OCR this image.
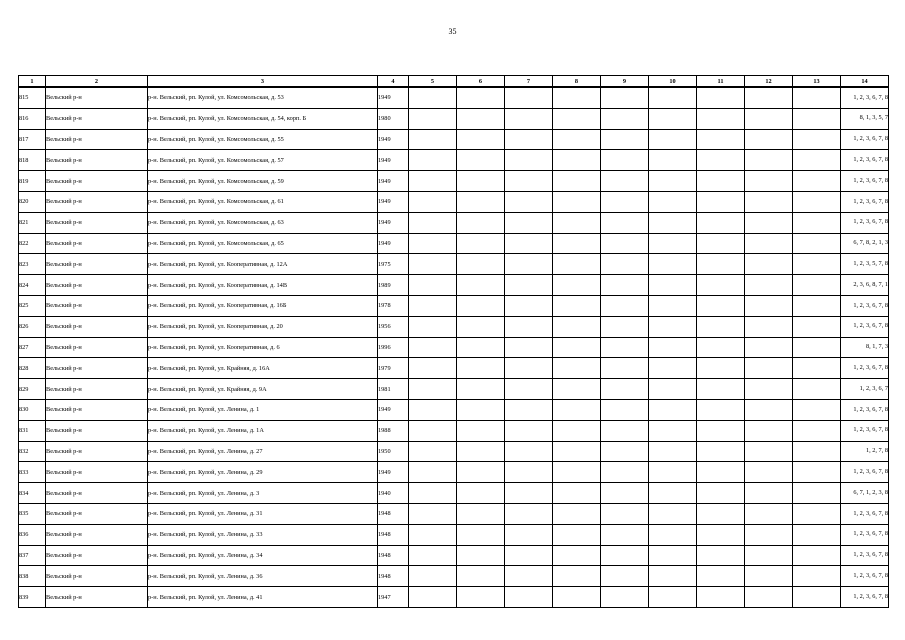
35
1	2	3	4	5	6	7	8	9	10	11	12	13	14
815	Вельский р-н	р-н. Вельский, рп. Кулой, ул. Комсомольская, д. 53	1949										1, 2, 3, 6, 7, 8
816	Вельский р-н	р-н. Вельский, рп. Кулой, ул. Комсомольская, д. 54, корп. Б	1980										8, 1, 3, 5, 7
817	Вельский р-н	р-н. Вельский, рп. Кулой, ул. Комсомольская, д. 55	1949										1, 2, 3, 6, 7, 8
818	Вельский р-н	р-н. Вельский, рп. Кулой, ул. Комсомольская, д. 57	1949										1, 2, 3, 6, 7, 8
819	Вельский р-н	р-н. Вельский, рп. Кулой, ул. Комсомольская, д. 59	1949										1, 2, 3, 6, 7, 8
820	Вельский р-н	р-н. Вельский, рп. Кулой, ул. Комсомольская, д. 61	1949										1, 2, 3, 6, 7, 8
821	Вельский р-н	р-н. Вельский, рп. Кулой, ул. Комсомольская, д. 63	1949										1, 2, 3, 6, 7, 8
822	Вельский р-н	р-н. Вельский, рп. Кулой, ул. Комсомольская, д. 65	1949										6, 7, 8, 2, 1, 3
823	Вельский р-н	р-н. Вельский, рп. Кулой, ул. Кооперативная, д. 12А	1975										1, 2, 3, 5, 7, 8
824	Вельский р-н	р-н. Вельский, рп. Кулой, ул. Кооперативная, д. 14В	1989										2, 3, 6, 8, 7, 1
825	Вельский р-н	р-н. Вельский, рп. Кулой, ул. Кооперативная, д. 16Б	1978										1, 2, 3, 6, 7, 8
826	Вельский р-н	р-н. Вельский, рп. Кулой, ул. Кооперативная, д. 20	1956										1, 2, 3, 6, 7, 8
827	Вельский р-н	р-н. Вельский, рп. Кулой, ул. Кооперативная, д. 6	1996										8, 1, 7, 3
828	Вельский р-н	р-н. Вельский, рп. Кулой, ул. Крайняя, д. 16А	1979										1, 2, 3, 6, 7, 8
829	Вельский р-н	р-н. Вельский, рп. Кулой, ул. Крайняя, д. 9А	1981										1, 2, 3, 6, 7
830	Вельский р-н	р-н. Вельский, рп. Кулой, ул. Ленина, д. 1	1949										1, 2, 3, 6, 7, 8
831	Вельский р-н	р-н. Вельский, рп. Кулой, ул. Ленина, д. 1А	1988										1, 2, 3, 6, 7, 8
832	Вельский р-н	р-н. Вельский, рп. Кулой, ул. Ленина, д. 27	1950										1, 2, 7, 8
833	Вельский р-н	р-н. Вельский, рп. Кулой, ул. Ленина, д. 29	1949										1, 2, 3, 6, 7, 8
834	Вельский р-н	р-н. Вельский, рп. Кулой, ул. Ленина, д. 3	1940										6, 7, 1, 2, 3, 8
835	Вельский р-н	р-н. Вельский, рп. Кулой, ул. Ленина, д. 31	1948										1, 2, 3, 6, 7, 8
836	Вельский р-н	р-н. Вельский, рп. Кулой, ул. Ленина, д. 33	1948										1, 2, 3, 6, 7, 8
837	Вельский р-н	р-н. Вельский, рп. Кулой, ул. Ленина, д. 34	1948										1, 2, 3, 6, 7, 8
838	Вельский р-н	р-н. Вельский, рп. Кулой, ул. Ленина, д. 36	1948										1, 2, 3, 6, 7, 8
839	Вельский р-н	р-н. Вельский, рп. Кулой, ул. Ленина, д. 41	1947										1, 2, 3, 6, 7, 8
